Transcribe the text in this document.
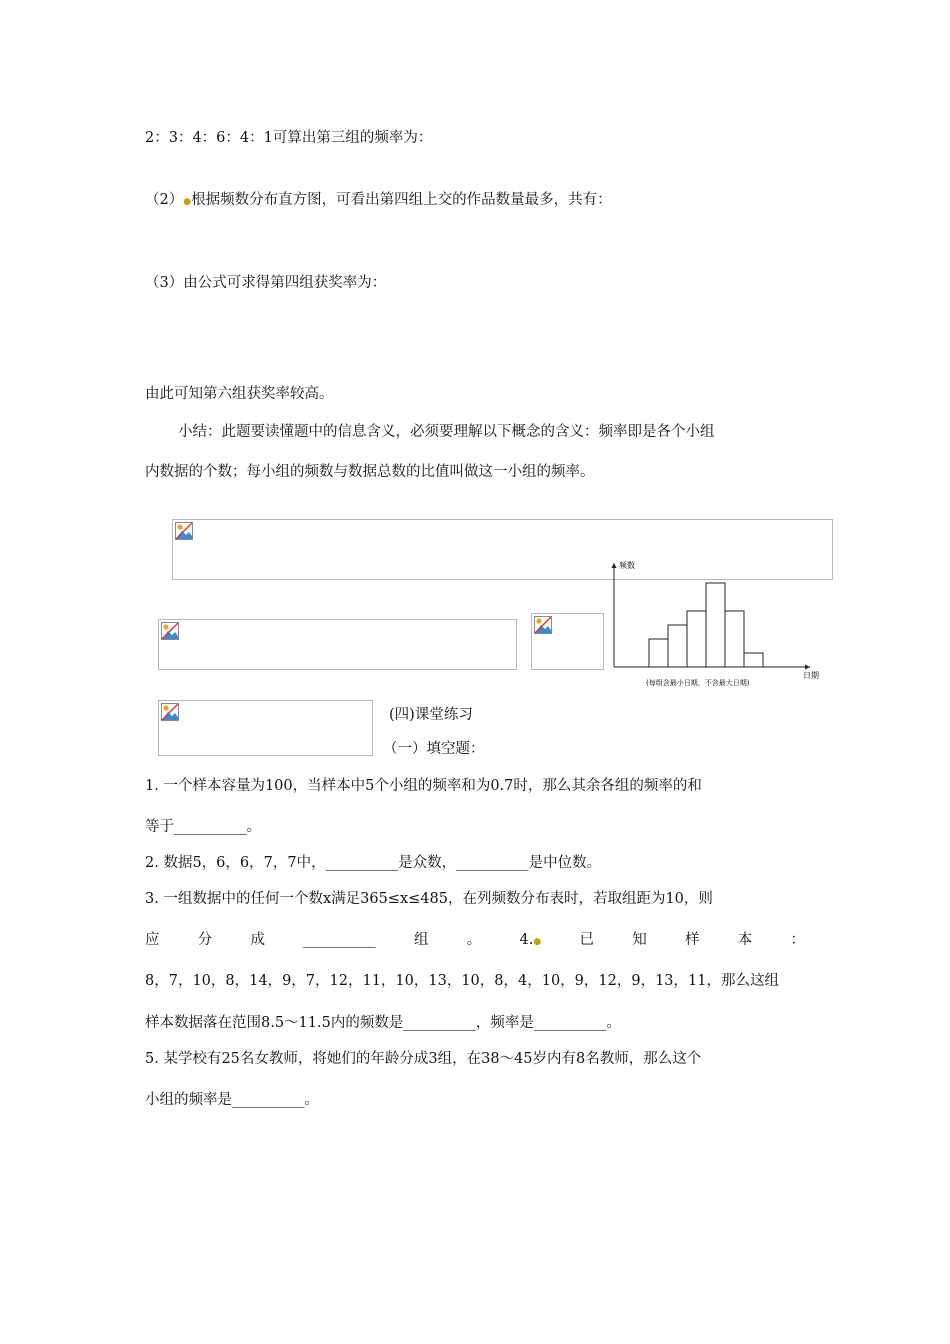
2：3：4：6：4：1可算出第三组的频率为：
（2）●根据频数分布直方图，可看出第四组上交的作品数量最多，共有：
（3）由公式可求得第四组获奖率为：
由此可知第六组获奖率较高。
小结：此题要读懂题中的信息含义，必须要理解以下概念的含义：频率即是各个小组
内数据的个数；每小组的频数与数据总数的比值叫做这一小组的频率。
频数
日期
(每组含最小日期，不含最大日期)
(四)课堂练习
（一）填空题：
1. 一个样本容量为100，当样本中5个小组的频率和为0.7时，那么其余各组的频率的和
等于__________。
2. 数据5，6，6，7，7中，__________是众数，__________是中位数。
3. 一组数据中的任何一个数x满足365≤x≤485，在列频数分布表时，若取组距为10，则
应	分	成	__________	组	。	4.●	已	知	样	本	：
8，7，10，8，14，9，7，12，11，10，13，10，8，4，10，9，12，9，13，11，那么这组
样本数据落在范围8.5～11.5内的频数是__________，频率是__________。
5. 某学校有25名女教师，将她们的年龄分成3组，在38～45岁内有8名教师，那么这个
小组的频率是__________。
